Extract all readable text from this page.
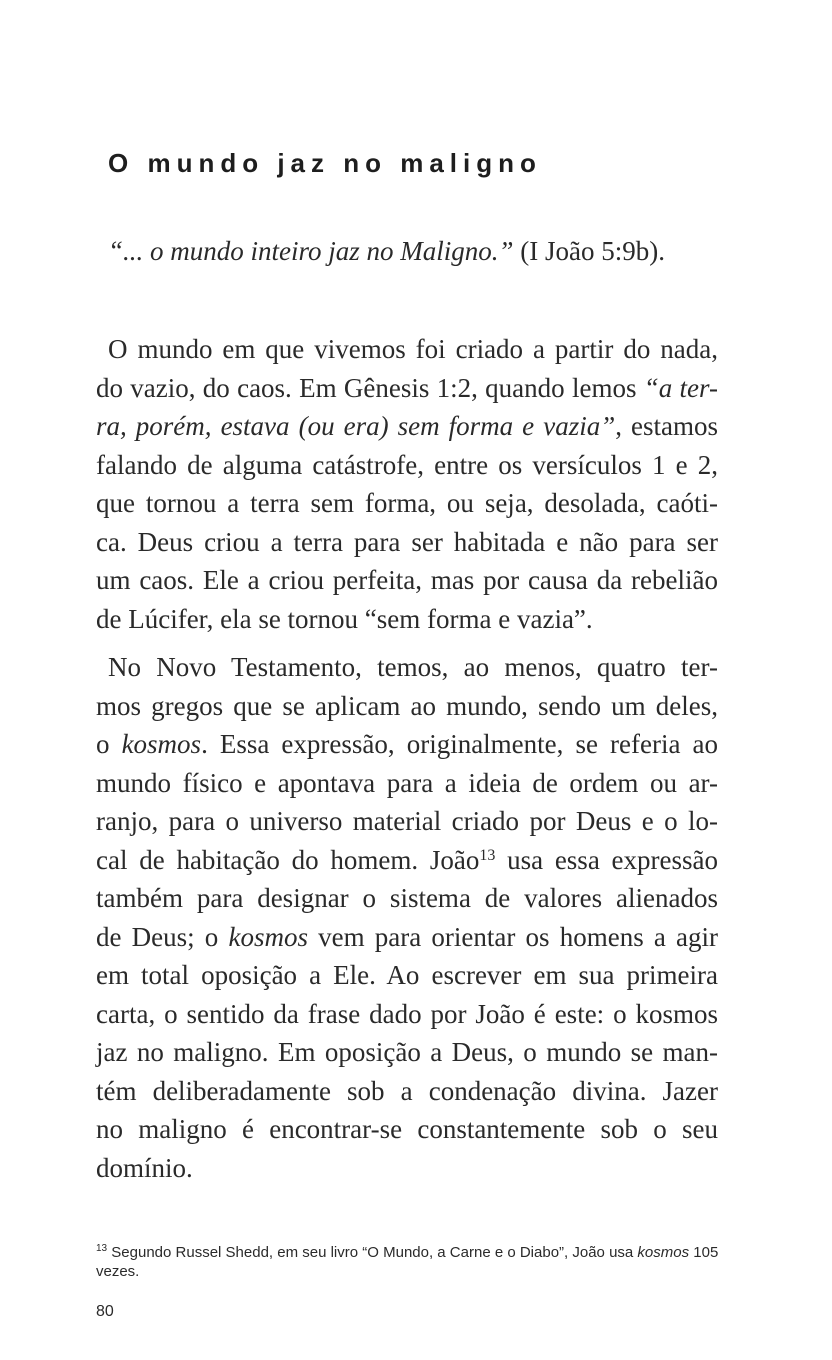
O mundo jaz no maligno

“... o mundo inteiro jaz no Maligno.” (I João 5:9b).

O mundo em que vivemos foi criado a partir do nada,
do vazio, do caos. Em Gênesis 1:2, quando lemos “a ter-
ra, porém, estava (ou era) sem forma e vazia”, estamos
falando de alguma catástrofe, entre os versículos 1 e 2,
que tornou a terra sem forma, ou seja, desolada, caóti-
ca. Deus criou a terra para ser habitada e não para ser
um caos. Ele a criou perfeita, mas por causa da rebelião
de Lúcifer, ela se tornou “sem forma e vazia”.
No Novo Testamento, temos, ao menos, quatro ter-
mos gregos que se aplicam ao mundo, sendo um deles,
o kosmos. Essa expressão, originalmente, se referia ao
mundo físico e apontava para a ideia de ordem ou ar-
ranjo, para o universo material criado por Deus e o lo-
cal de habitação do homem. João$^{13}$ usa essa expressão
também para designar o sistema de valores alienados
de Deus; o kosmos vem para orientar os homens a agir
em total oposição a Ele. Ao escrever em sua primeira
carta, o sentido da frase dado por João é este: o kosmos
jaz no maligno. Em oposição a Deus, o mundo se man-
tém deliberadamente sob a condenação divina. Jazer
no maligno é encontrar-se constantemente sob o seu
domínio.
$^{13}$ Segundo Russel Shedd, em seu livro “O Mundo, a Carne e o Diabo”, João usa kosmos 105 vezes.
80
